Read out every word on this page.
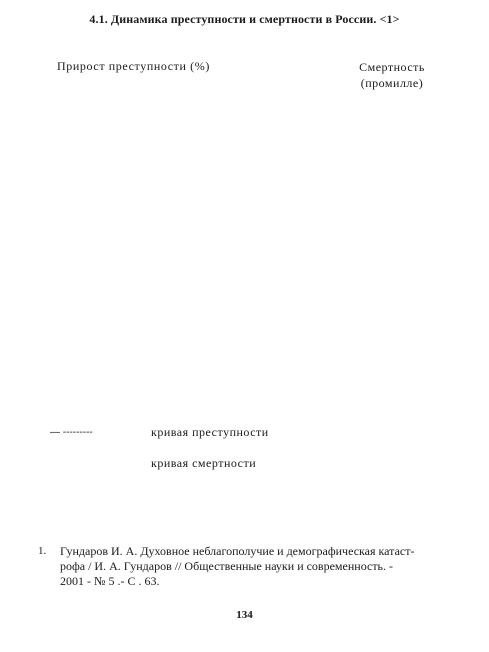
4.1. Динамика преступности и смертности в России. <1>
Прирост преступности (%)	Смертность
(промилле)
— ---------	кривая преступности
кривая смертности
1. Гундаров И. А. Духовное неблагополучие и демографическая катаст-
рофа / И. А. Гундаров // Общественные науки и современность. -
2001 - № 5 .- С . 63.
134
